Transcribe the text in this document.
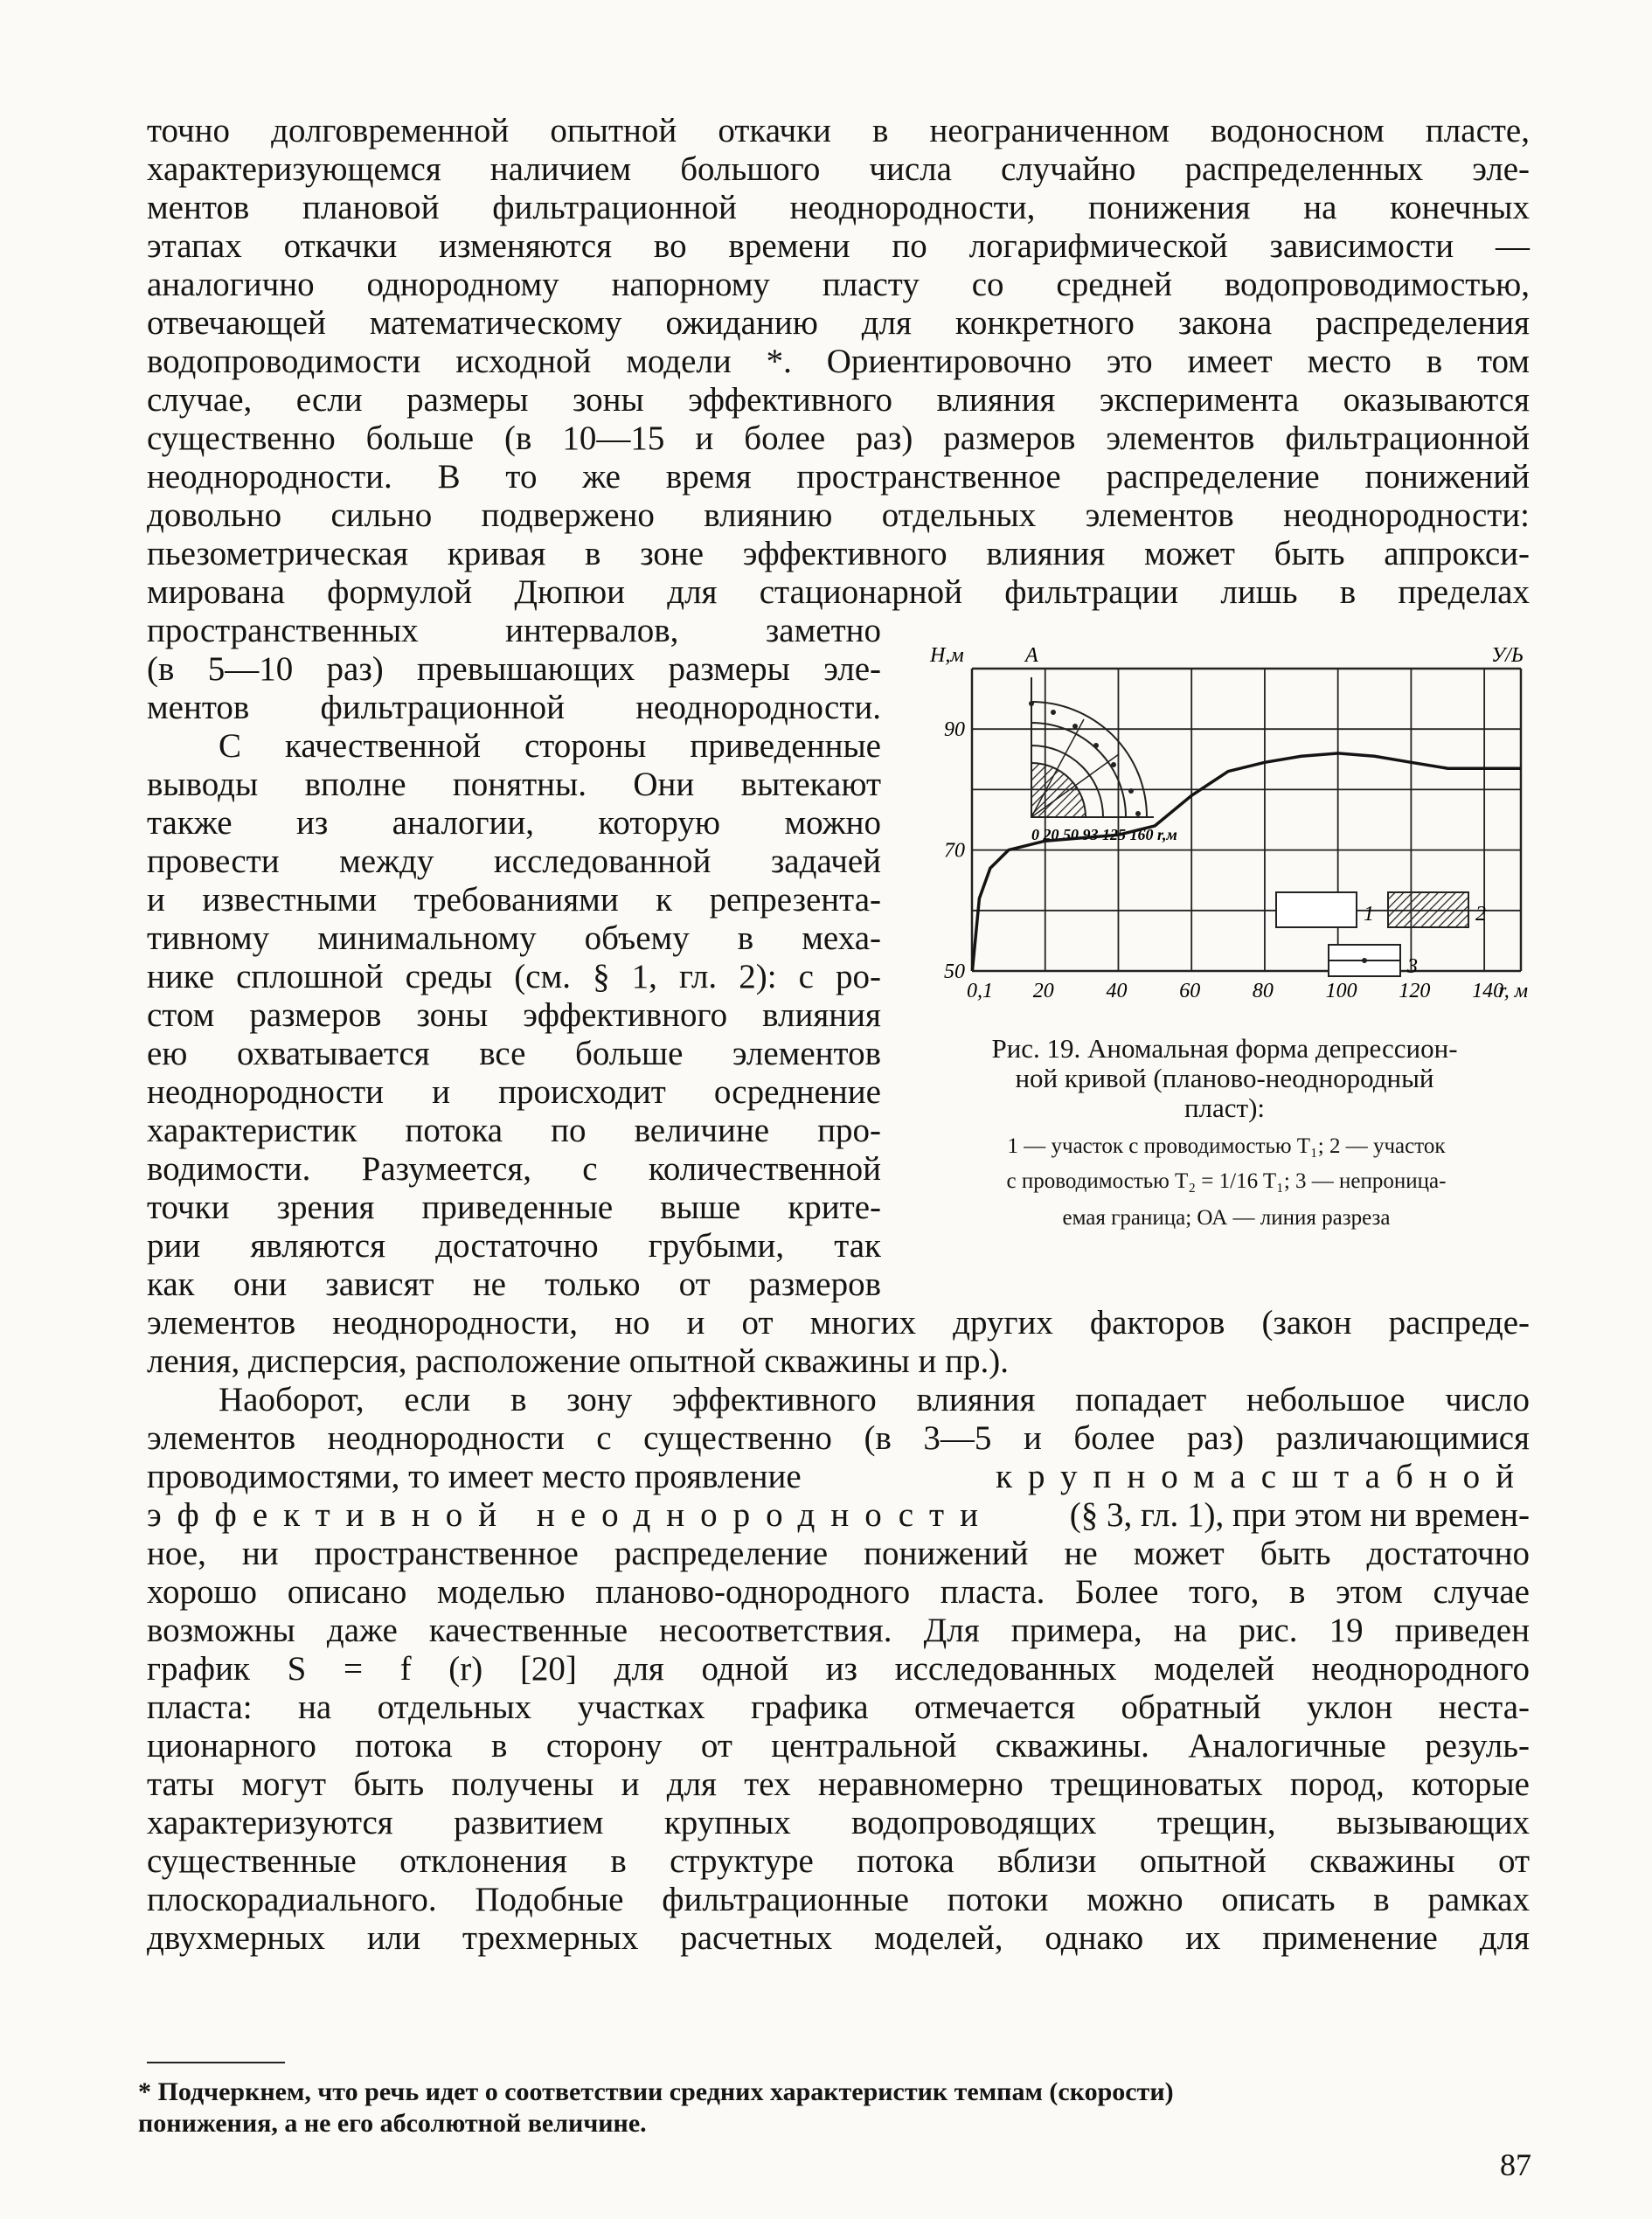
точно долговременной опытной откачки в неограниченном водоносном пласте,
характеризующемся наличием большого числа случайно распределенных эле-
ментов плановой фильтрационной неоднородности, понижения на конечных
этапах откачки изменяются во времени по логарифмической зависимости —
аналогично однородному напорному пласту со средней водопроводимостью,
отвечающей математическому ожиданию для конкретного закона распределения
водопроводимости исходной модели *. Ориентировочно это имеет место в том
случае, если размеры зоны эффективного влияния эксперимента оказываются
существенно больше (в 10—15 и более раз) размеров элементов фильтрационной
неоднородности. В то же время пространственное распределение понижений
довольно сильно подвержено влиянию отдельных элементов неоднородности:
пьезометрическая кривая в зоне эффективного влияния может быть аппрокси-
мирована формулой Дюпюи для стационарной фильтрации лишь в пределах
пространственных интервалов, заметно
(в 5—10 раз) превышающих размеры эле-
ментов фильтрационной неоднородности.
С качественной стороны приведенные
выводы вполне понятны. Они вытекают
также из аналогии, которую можно
провести между исследованной задачей
и известными требованиями к репрезента-
тивному минимальному объему в меха-
нике сплошной среды (см. § 1, гл. 2): с ро-
стом размеров зоны эффективного влияния
ею охватывается все больше элементов
неоднородности и происходит осреднение
характеристик потока по величине про-
водимости. Разумеется, с количественной
точки зрения приведенные выше крите-
рии являются достаточно грубыми, так
как они зависят не только от размеров
0,1 20 40 60 80 100 120 140
r, м
50
70
90
Н,м	У/Ь
А
0 20 50 93 125 160 r,м
1	2
3
Рис. 19. Аномальная форма депрессион-
ной кривой (планово-неоднородный
пласт):
1 — участок с проводимостью T₁; 2 — участок
с проводимостью T₂ = 1/16 T₁; 3 — непроница-
емая граница; ОА — линия разреза
элементов неоднородности, но и от многих других факторов (закон распреде-
ления, дисперсия, расположение опытной скважины и пр.).
Наоборот, если в зону эффективного влияния попадает небольшое число
элементов неоднородности с существенно (в 3—5 и более раз) различающимися
проводимостями, то имеет место проявление	крупномасштабной
эффективной неоднородности (§ 3, гл. 1), при этом ни времен-
ное, ни пространственное распределение понижений не может быть достаточно
хорошо описано моделью планово-однородного пласта. Более того, в этом случае
возможны даже качественные несоответствия. Для примера, на рис. 19 приведен
график S = f (r) [20] для одной из исследованных моделей неоднородного
пласта: на отдельных участках графика отмечается обратный уклон неста-
ционарного потока в сторону от центральной скважины. Аналогичные резуль-
таты могут быть получены и для тех неравномерно трещиноватых пород, которые
характеризуются развитием крупных водопроводящих трещин, вызывающих
существенные отклонения в структуре потока вблизи опытной скважины от
плоскорадиального. Подобные фильтрационные потоки можно описать в рамках
двухмерных или трехмерных расчетных моделей, однако их применение для
* Подчеркнем, что речь идет о соответствии средних характеристик темпам (скорости)
понижения, а не его абсолютной величине.
87
